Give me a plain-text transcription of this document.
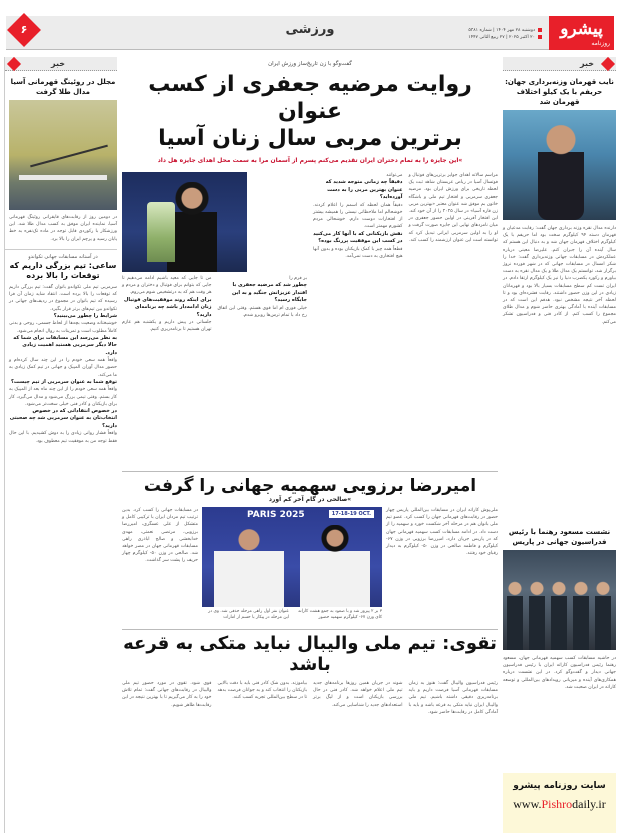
پیشرو
روزنامه
دوشنبه ۲۸ مهر ۱۴۰۴ | شماره ۵۳۸۱
۲۰ اکتبر ۲۰۲۵ | ۲۷ ربیع الثانی ۱۴۴۷
ورزشی
۶
خبر
نایب قهرمان وزنه‌برداری جهان: حریفم با یک کیلو اختلاف قهرمان شد

دارنده مدال نقره وزنه برداری جهان گفت: رقابت مدعیان و قهرمان دسته ۹۴ کیلوگرم سخت بود اما حریفم با یک کیلوگرم اختلاف قهرمان جهان شد و به دنبال این هستم که سال آینده آن را جبران کنم. علیرضا معینی درباره عملکردش در مسابقات جهانی وزنه‌برداری گفت: خدا را شکر امسال در مسابقات جهانی که در شهر فورده نروژ برگزار شد، توانستم یک مدال طلا و یک مدال نقره به دست بیاورم و رکورد یکضرب دنیا را نیز یک کیلوگرم ارتقا دادم. در ایران تست کم سطح مسابقات بسیار بالا بود و قهرمانان زیادی در این وزن حضور داشتند. رقابت فشرده‌ای بود و تا لحظه آخر نتیجه مشخص نبود. هدفم این است که در مسابقات آینده با آمادگی بهتری حاضر شوم و مدال طلای مجموع را کسب کنم. از کادر فنی و فدراسیون تشکر می‌کنم.

نشست مسعود رهنما با رئیس فدراسیون جهانی در پاریس

در حاشیه مسابقات کسب سهمیه قهرمانی جهان، مسعود رهنما رئیس فدراسیون کاراته ایران با رئیس فدراسیون جهانی دیدار و گفت‌وگو کرد. در این نشست درباره همکاری‌های آینده و میزبانی رویدادهای بین‌المللی و توسعه کاراته در ایران صحبت شد.

سایت روزنامه پیشرو
www.Pishrodaily.ir
خبر
مجلل در روئینگ قهرمانی آسیا مدال طلا گرفت

در دومین روز از رقابت‌های قایقرانی روئینگ قهرمانی آسیا، نماینده ایران موفق به کسب مدال طلا شد. این ورزشکار با رکوردی قابل توجه در ماده تک‌نفره به خط پایان رسید و پرچم ایران را بالا برد.

در آستانه مسابقات جهانی تکواندو
ساعی: تیم بزرگی داریم که توقعات را بالا برده

سرمربی تیم ملی تکواندو بانوان گفت: تیم بزرگی داریم که توقعات را بالا برده است. انتقاد شاید زمان آن فرا رسیده که تیم بانوان در مجموع در ردیف‌های جهانی در تکواندو بین تیم‌های برتر قرار بگیرد.

شرایط را چطور می‌بینید؟

خوشبختانه وضعیت بچه‌ها از لحاظ جسمی، روحی و بدنی کاملاً مطلوب است و تمرینات به روال انجام می‌شود.

به نظر می‌رسد این مسابقات برای شما که حالا دیگر سرمربی هستید اهمیت زیادی دارد.

واقعاً همه سعی خودم را در این چند سال کرده‌ام و حضور مدال آوران المپیک و جهانی در تیم کمک زیادی به ما می‌کند.

توقع شما به عنوان سرمربی از تیم چیست؟

واقعاً همه سعی خودم را از این چند ماه بعد از المپیک به کار بستم. وقتی تیمی بزرگ می‌شود و مدال می‌گیرد، کار برای بازیکنان و کادر فنی خیلی سخت‌تر می‌شود.

در خصوص انتقاداتی که در خصوص انتخاب‌تان به عنوان سرمربی شد چه صحبتی دارید؟

واقعاً فشار روانی زیادی را به دوش کشیدیم. با این حال فقط توجه من به موفقیت تیم معطوف بود.

گفت‌وگو با زن تاریخ‌ساز ورزش ایران
روایت مرضیه جعفری از کسب عنوان
برترین مربی سال زنان آسیا
»این جایزه را به تمام دختران ایران تقدیم می‌کنم پسرم از آسمان مرا به سمت محل اهدای جایزه هل داد

مراسم سالانه اهدای جوایز برترین‌های فوتبال و فوتسال آسیا در ریاض عربستان شاهد ثبت یک لحظه تاریخی برای ورزش ایران بود. مرضیه جعفری سرمربی و افتخار تیم ملی و باشگاه خاتون بم موفق شد عنوان معتبر «بهترین مربی زن قاره آسیا» در سال ۲۰۲۵ را از آن خود کند. این افتخار آفرینی در اولین حضور جعفری در میان نامزدهای نهایی این جایزه صورت گرفت و او را به اولین سرمربی ایرانی تبدیل کرد که توانسته است این عنوان ارزشمند را کسب کند.

می‌توانند

دقیقاً چه زمانی متوجه شدید که عنوان بهترین مربی را به دست آورده‌اید؟

دقیقاً همان لحظه که اسمم را اعلام کردند. خوشحالم اما ملاحظاتی نیستی را همیشه بیشتر از افتخارات دوست دارم. خوشحالی مردم کشورم مهمتر است.

نقش بازیکنانی که با آنها کار می‌کنید در کسب این موفقیت پررنگ بوده؟

قطعاً همه چیز با کمک بازیکنان بوده و بدون آنها هیچ افتخاری به دست نمی‌آمد.

بر فرم را

چطور شد که مرضیه جعفری با اقتدار عزیزانش جنگید و به این جایگاه رسید؟

خیلی فوری ام اما قوی هستم. وقتی این اتفاق رخ داد با تمام ترس‌ها روبرو شدم.

من تا جایی که معید باشیم ادامه می‌دهیم تا جایی که بتوانم برای فوتبال و دختران و مردم و هر وقت هم که به درتشخیص شوم می‌روم.

برای اینکه روند موفقیت‌های فوتبال زنان ادامه‌دار باشد چه برنامه‌ای دارید؟

جلساتی در پیش داریم و یکشنبه هم عازم تهران هستیم تا برنامه‌ریزی کنیم.

امیررضا برزویی سهمیه جهانی را گرفت
»صالحی در گام آخر کم آورد

ملی‌پوش کاراته ایران در مسابقات بین‌المللی پاریس چهار حضور در رقابت‌های قهرمانی جهان را کسب کرد. عضو تیم ملی بانوان هم در مرحله آخر شکست خورد و سهمیه را از دست داد. در ادامه مسابقات کسب سهمیه قهرمانی جهان که در پاریس جریان دارد، امیررضا برزویی در وزن ۶۷- کیلوگرم و فاطمه صالحی در وزن ۵۰- کیلوگرم به دیدار رقبای خود رفتند.

PARIS 2025	17-18-19 OCT.

در مسابقات جهانی را کسب کرد. بدین ترتیب تیم مردان ایران با ترکیبی کامل و متشکل از علی عسگری، امیررضا برزویی، مرتضی نعمتی، مهدی خدابخشی و صالح اباذری راهی مسابقات قهرمانی جهان در مصر خواهد شد. صالحی در وزن ۵۰- کیلوگرم چهار حریف را پشت سر گذاشت.

۳ بر ۲ پیروز شد و با صعود به جمع هشت کاراته کای وزن ۶۷- کیلوگرم سهمیه حضور
عنوان نفر اول راهی مرحله حذفی شد. وی در این مرحله در پیکار با حسم از امارات
تقوی: تیم ملی والیبال نباید متکی به قرعه باشد

رئیس فدراسیون والیبال گفت: هنوز به زمان مسابقات قهرمانی آسیا فرصت داریم و باید برنامه‌ریزی دقیقی داشته باشیم. تیم ملی والیبال ایران نباید متکی به قرعه باشد و باید با آمادگی کامل در رقابت‌ها حاضر شود.

شوند در جریان همین روزها برنامه‌های جدید تیم ملی اعلام خواهد شد. کادر فنی در حال بررسی بازیکنان است و از لیگ برتر استعدادهای جدید را شناسایی می‌کند.

بیاموزند. بدون شک کادر فنی باید با دقت بالایی بازیکنان را انتخاب کند و به جوانان فرصت بدهد تا در سطح بین‌المللی تجربه کسب کنند.

قوی شود. تقوی در مورد حضور تیم ملی والیبال در رقابت‌های جهانی گفت: تمام تلاش خود را به کار می‌گیریم تا با بهترین نتیجه در این رقابت‌ها ظاهر شویم.
